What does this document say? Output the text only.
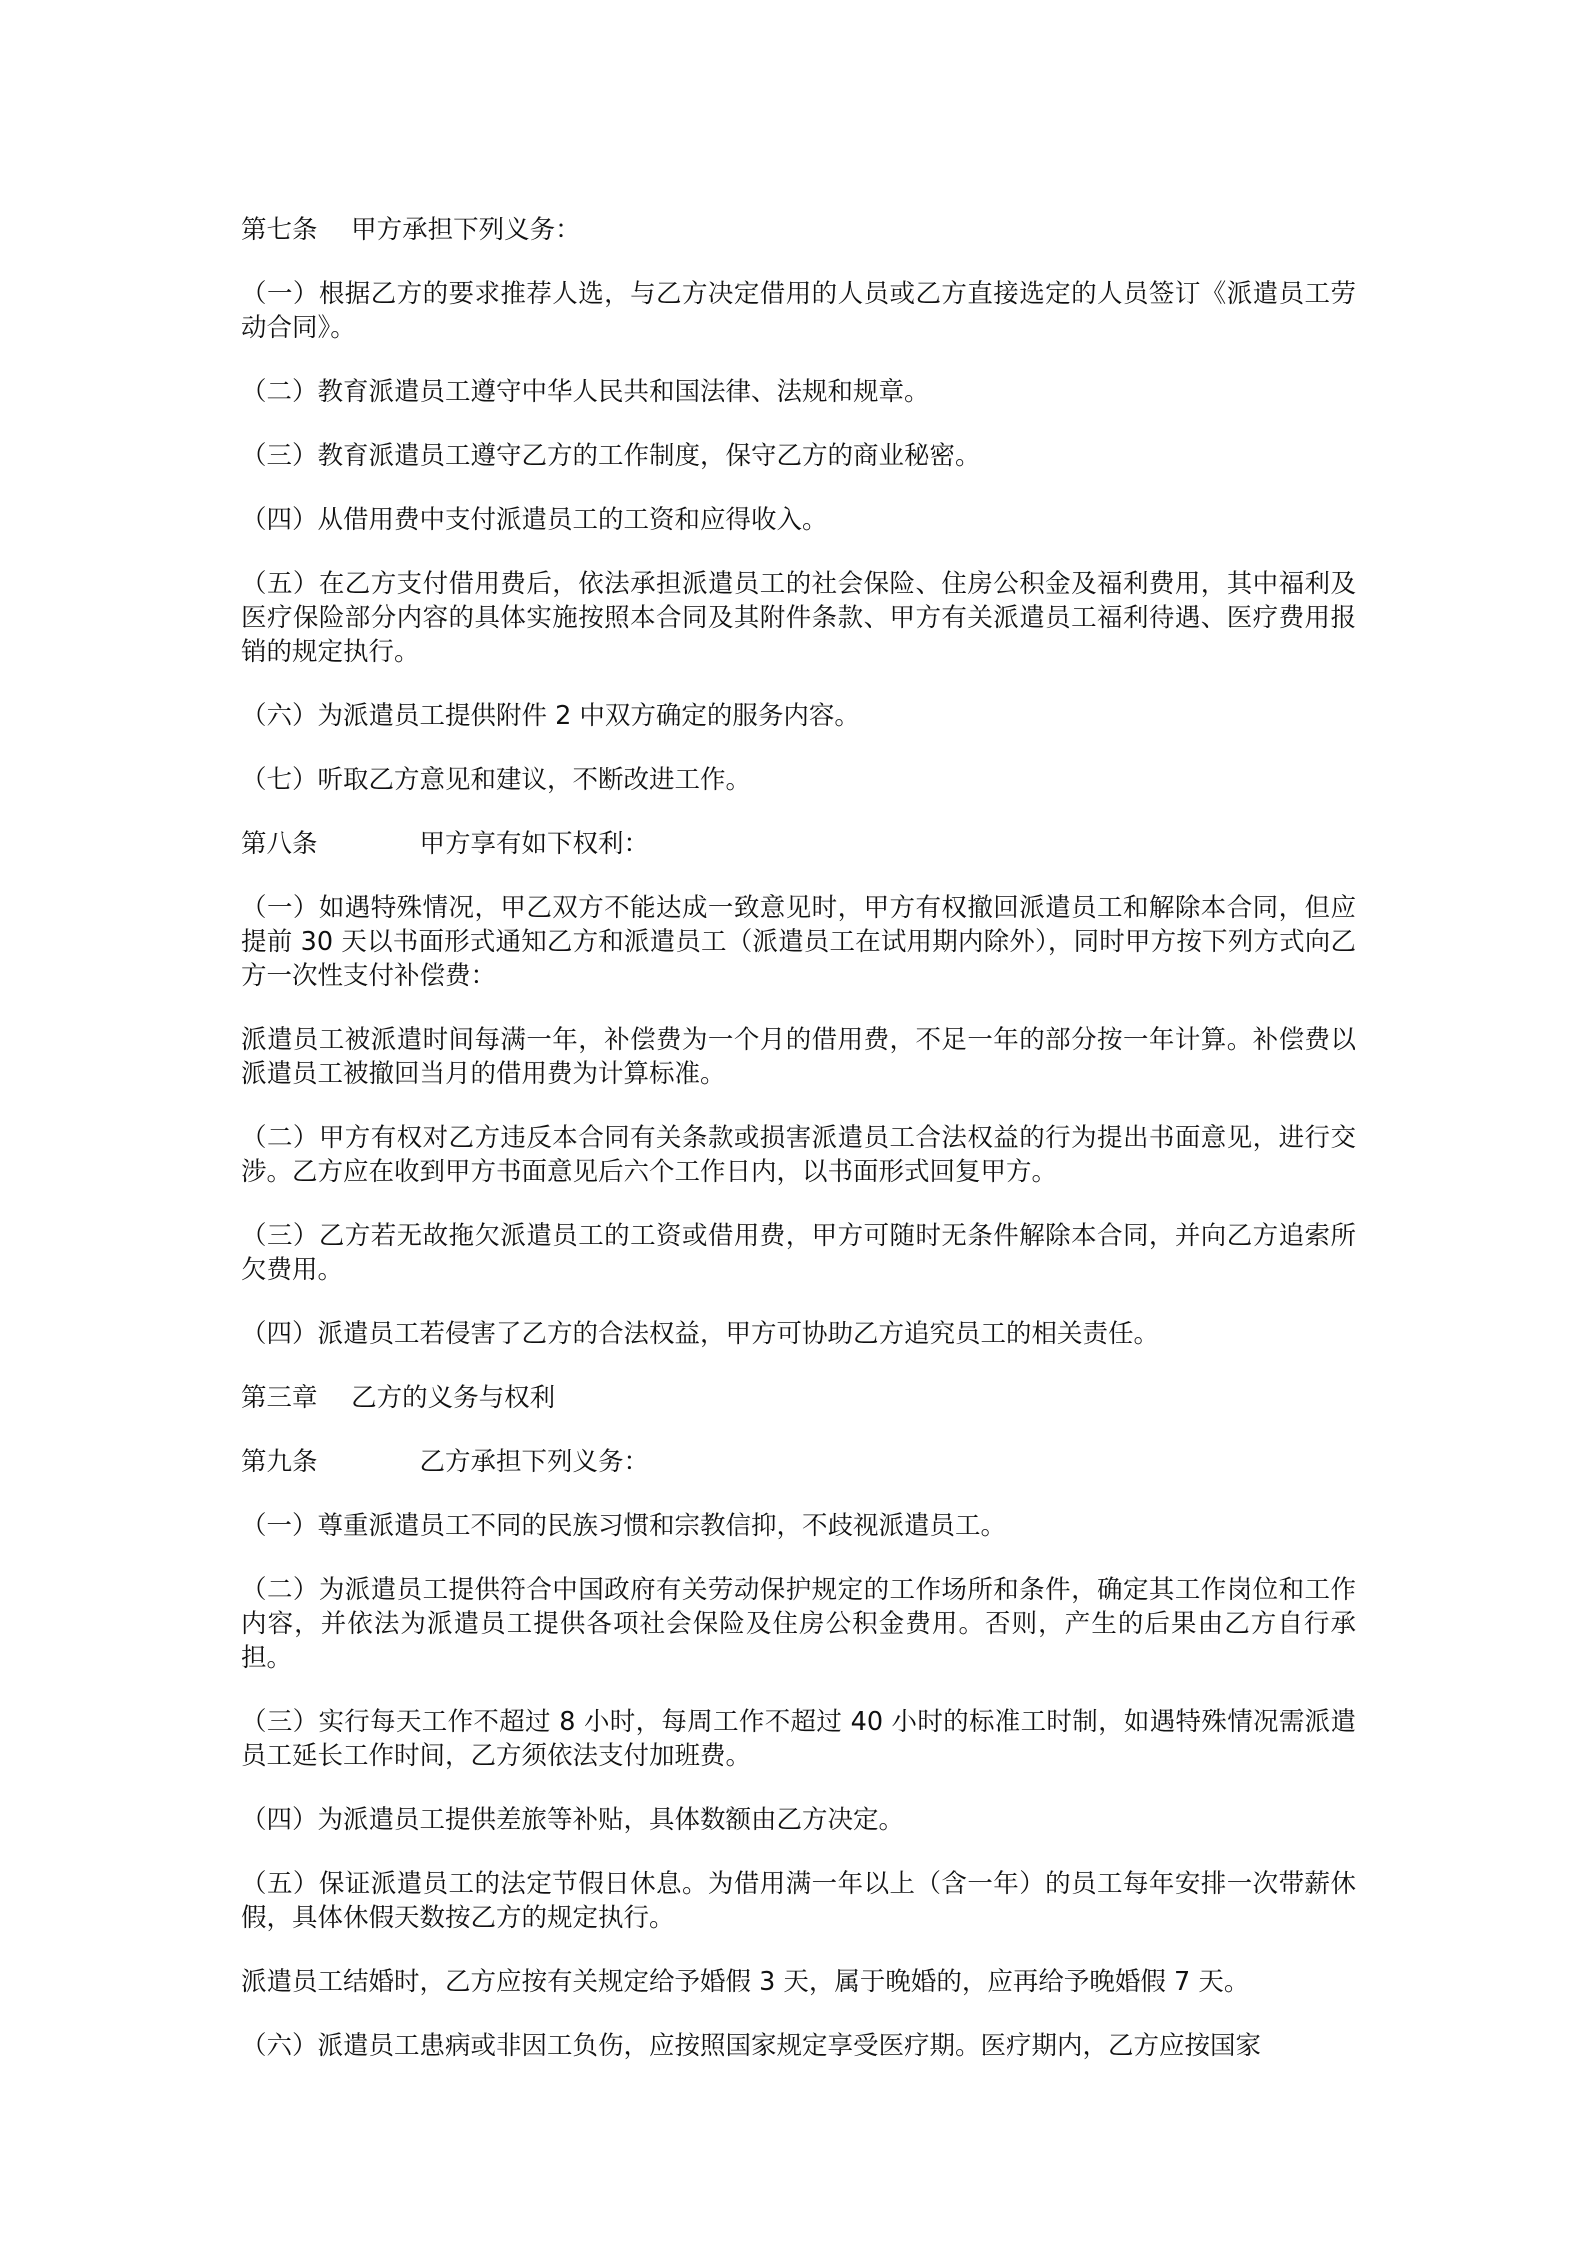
第七条　 甲方承担下列义务：
（一）根据乙方的要求推荐人选，与乙方决定借用的人员或乙方直接选定的人员签订《派遣员工劳动合同》。
（二）教育派遣员工遵守中华人民共和国法律、法规和规章。
（三）教育派遣员工遵守乙方的工作制度，保守乙方的商业秘密。
（四）从借用费中支付派遣员工的工资和应得收入。
（五）在乙方支付借用费后，依法承担派遣员工的社会保险、住房公积金及福利费用，其中福利及医疗保险部分内容的具体实施按照本合同及其附件条款、甲方有关派遣员工福利待遇、医疗费用报销的规定执行。
（六）为派遣员工提供附件 2 中双方确定的服务内容。
（七）听取乙方意见和建议，不断改进工作。
第八条　　　　甲方享有如下权利：
（一）如遇特殊情况，甲乙双方不能达成一致意见时，甲方有权撤回派遣员工和解除本合同，但应提前 30 天以书面形式通知乙方和派遣员工（派遣员工在试用期内除外），同时甲方按下列方式向乙方一次性支付补偿费：
派遣员工被派遣时间每满一年，补偿费为一个月的借用费，不足一年的部分按一年计算。补偿费以派遣员工被撤回当月的借用费为计算标准。
（二）甲方有权对乙方违反本合同有关条款或损害派遣员工合法权益的行为提出书面意见，进行交涉。乙方应在收到甲方书面意见后六个工作日内，以书面形式回复甲方。
（三）乙方若无故拖欠派遣员工的工资或借用费，甲方可随时无条件解除本合同，并向乙方追索所欠费用。
（四）派遣员工若侵害了乙方的合法权益，甲方可协助乙方追究员工的相关责任。
第三章　 乙方的义务与权利
第九条　　　　乙方承担下列义务：
（一）尊重派遣员工不同的民族习惯和宗教信抑，不歧视派遣员工。
（二）为派遣员工提供符合中国政府有关劳动保护规定的工作场所和条件，确定其工作岗位和工作内容，并依法为派遣员工提供各项社会保险及住房公积金费用。否则，产生的后果由乙方自行承担。
（三）实行每天工作不超过 8 小时，每周工作不超过 40 小时的标准工时制，如遇特殊情况需派遣员工延长工作时间，乙方须依法支付加班费。
（四）为派遣员工提供差旅等补贴，具体数额由乙方决定。
（五）保证派遣员工的法定节假日休息。为借用满一年以上（含一年）的员工每年安排一次带薪休假，具体休假天数按乙方的规定执行。
派遣员工结婚时，乙方应按有关规定给予婚假 3 天，属于晚婚的，应再给予晚婚假 7 天。
（六）派遣员工患病或非因工负伤，应按照国家规定享受医疗期。医疗期内，乙方应按国家
